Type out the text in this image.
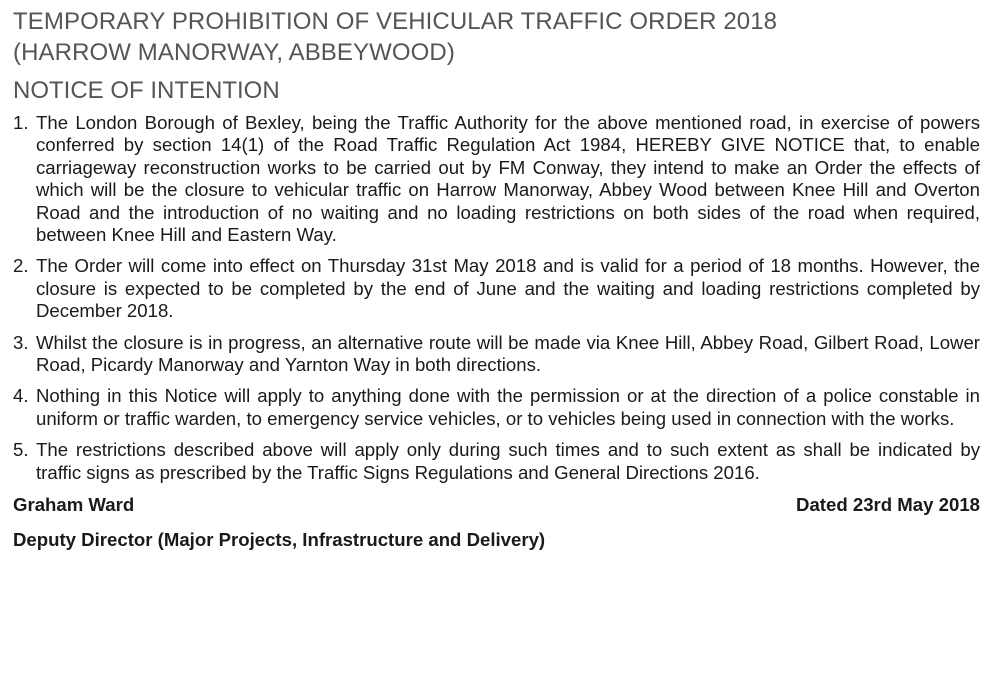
TEMPORARY PROHIBITION OF VEHICULAR TRAFFIC ORDER 2018
(HARROW MANORWAY, ABBEYWOOD)
NOTICE OF INTENTION
1. The London Borough of Bexley, being the Traffic Authority for the above mentioned road, in exercise of powers conferred by section 14(1) of the Road Traffic Regulation Act 1984, HEREBY GIVE NOTICE that, to enable carriageway reconstruction works to be carried out by FM Conway, they intend to make an Order the effects of which will be the closure to vehicular traffic on Harrow Manorway, Abbey Wood between Knee Hill and Overton Road and the introduction of no waiting and no loading restrictions on both sides of the road when required, between Knee Hill and Eastern Way.
2. The Order will come into effect on Thursday 31st May 2018 and is valid for a period of 18 months. However, the closure is expected to be completed by the end of June and the waiting and loading restrictions completed by December 2018.
3. Whilst the closure is in progress, an alternative route will be made via Knee Hill, Abbey Road, Gilbert Road, Lower Road, Picardy Manorway and Yarnton Way in both directions.
4. Nothing in this Notice will apply to anything done with the permission or at the direction of a police constable in uniform or traffic warden, to emergency service vehicles, or to vehicles being used in connection with the works.
5. The restrictions described above will apply only during such times and to such extent as shall be indicated by traffic signs as prescribed by the Traffic Signs Regulations and General Directions 2016.
Graham Ward	Dated 23rd May 2018
Deputy Director (Major Projects, Infrastructure and Delivery)
